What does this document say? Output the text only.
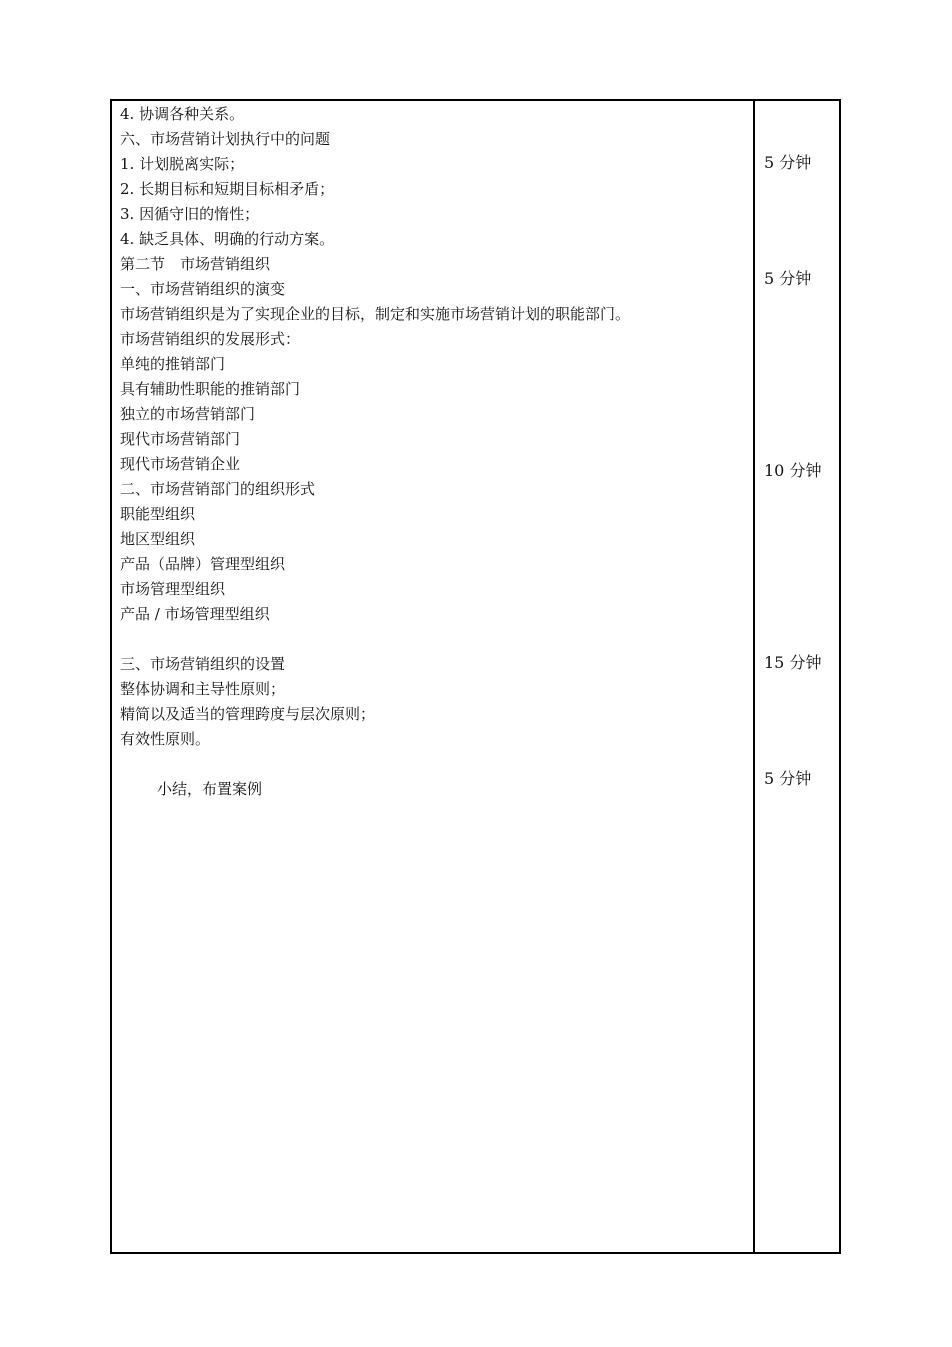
4. 协调各种关系。
六、市场营销计划执行中的问题
1. 计划脱离实际；
2. 长期目标和短期目标相矛盾；
3. 因循守旧的惰性；
4. 缺乏具体、明确的行动方案。
第二节　市场营销组织
一、市场营销组织的演变
市场营销组织是为了实现企业的目标，制定和实施市场营销计划的职能部门。
市场营销组织的发展形式：
单纯的推销部门
具有辅助性职能的推销部门
独立的市场营销部门
现代市场营销部门
现代市场营销企业
二、市场营销部门的组织形式
职能型组织
地区型组织
产品（品牌）管理型组织
市场管理型组织
产品 / 市场管理型组织
三、市场营销组织的设置
整体协调和主导性原则；
精简以及适当的管理跨度与层次原则；
有效性原则。
小结，布置案例
5 分钟
5 分钟
10 分钟
15 分钟
5 分钟
